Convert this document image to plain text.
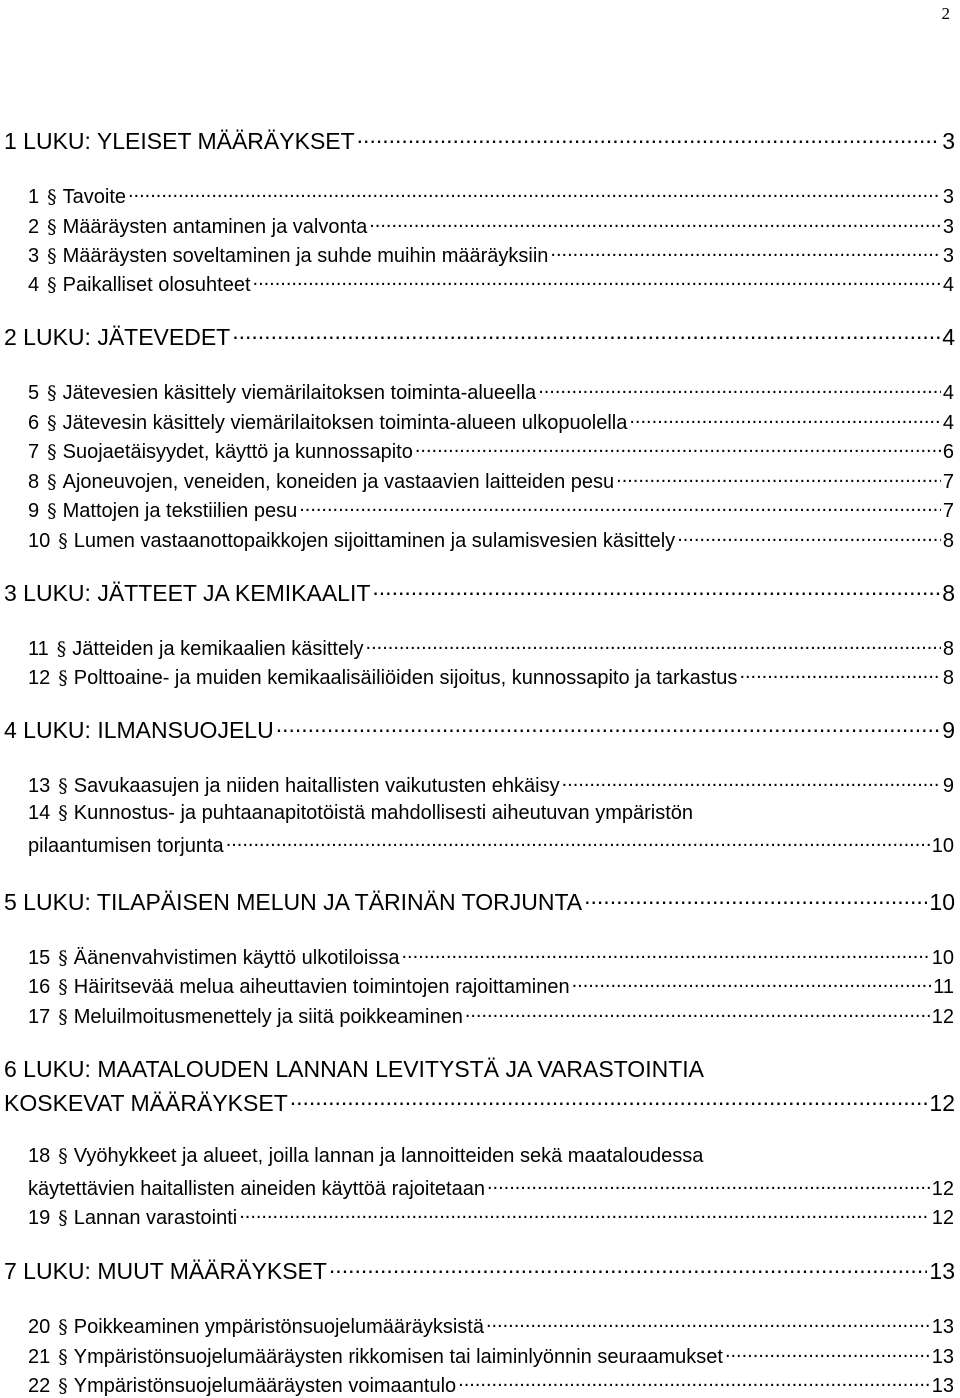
2
1 LUKU: YLEISET MÄÄRÄYKSET .....	3
1 § Tavoite .....	3
2 § Määräysten antaminen ja valvonta .....	3
3 § Määräysten soveltaminen ja suhde muihin määräyksiin .....	3
4 § Paikalliset olosuhteet .....	4
2 LUKU: JÄTEVEDET .....	4
5 § Jätevesien käsittely viemärilaitoksen toiminta-alueella .....	4
6 § Jätevesin käsittely viemärilaitoksen toiminta-alueen ulkopuolella .....	4
7 § Suojaetäisyydet, käyttö ja kunnossapito .....	6
8 § Ajoneuvojen, veneiden, koneiden ja vastaavien laitteiden pesu .....	7
9 § Mattojen ja tekstiilien pesu .....	7
10 § Lumen vastaanottopaikkojen sijoittaminen ja sulamisvesien käsittely .....	8
3 LUKU: JÄTTEET JA KEMIKAALIT .....	8
11 § Jätteiden ja kemikaalien käsittely .....	8
12 § Polttoaine- ja muiden kemikaalisäiliöiden sijoitus, kunnossapito ja tarkastus .....	8
4 LUKU: ILMANSUOJELU .....	9
13 § Savukaasujen ja niiden haitallisten vaikutusten ehkäisy .....	9
14 § Kunnostus- ja puhtaanapitotöistä mahdollisesti aiheutuvan ympäristön
pilaantumisen torjunta .....	10
5 LUKU: TILAPÄISEN MELUN JA TÄRINÄN TORJUNTA .....	10
15 § Äänenvahvistimen käyttö ulkotiloissa .....	10
16 § Häiritsevää melua aiheuttavien toimintojen rajoittaminen .....	11
17 § Meluilmoitusmenettely ja siitä poikkeaminen .....	12
6 LUKU: MAATALOUDEN LANNAN LEVITYSTÄ JA VARASTOINTIA
KOSKEVAT MÄÄRÄYKSET .....	12
18 § Vyöhykkeet ja alueet, joilla lannan ja lannoitteiden sekä maataloudessa
käytettävien haitallisten aineiden käyttöä rajoitetaan .....	12
19 § Lannan varastointi .....	12
7 LUKU: MUUT MÄÄRÄYKSET .....	13
20 § Poikkeaminen ympäristönsuojelumääräyksistä .....	13
21 § Ympäristönsuojelumääräysten rikkomisen tai laiminlyönnin seuraamukset .....	13
22 § Ympäristönsuojelumääräysten voimaantulo .....	13
